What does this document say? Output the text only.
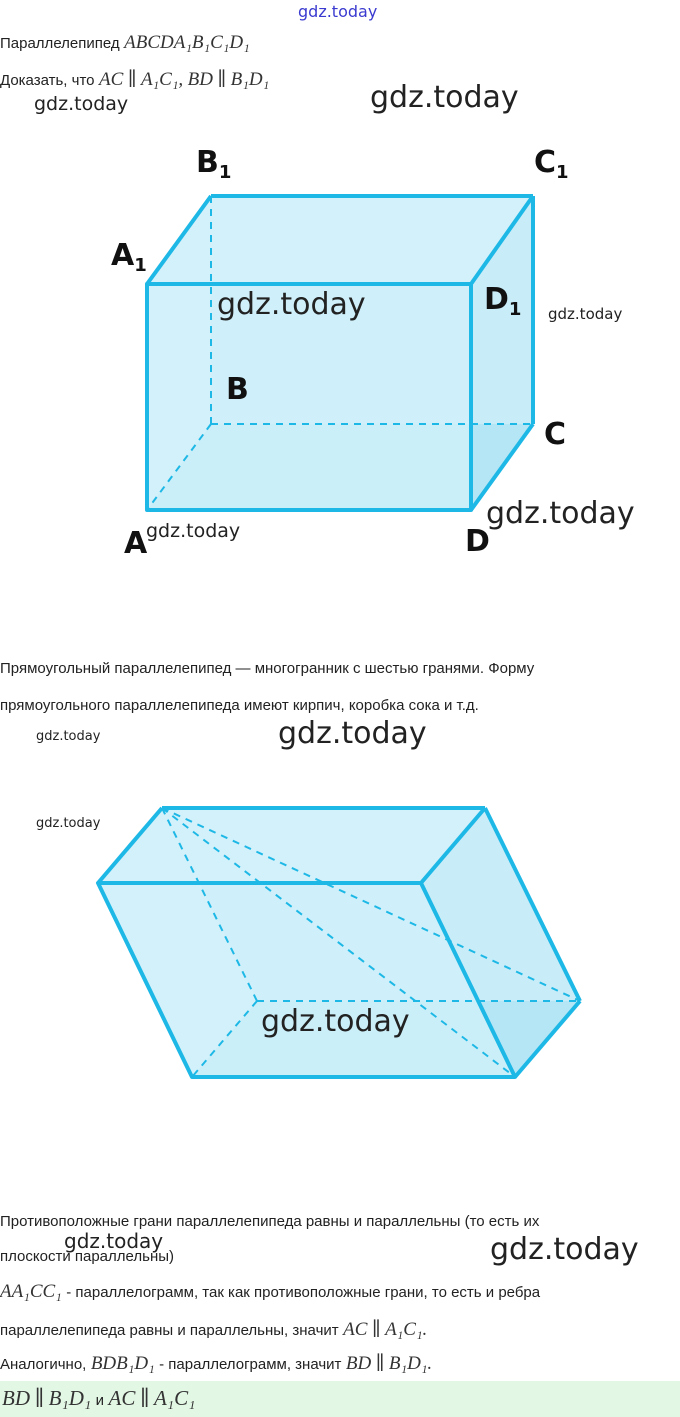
gdz.today
Параллелепипед ABCDA₁B₁C₁D₁
Доказать, что AC ∥ A₁C₁, BD ∥ B₁D₁
gdz.today	gdz.today
$B_1$	$C_1$
$A_1$
$D_1$
B
C
A	D
gdz.today	gdz.today
gdz.today	gdz.today
Прямоугольный параллелепипед — многогранник с шестью гранями. Форму
прямоугольного параллелепипеда имеют кирпич, коробка сока и т.д.
gdz.today	gdz.today
gdz.today
gdz.today
Противоположные грани параллелепипеда равны и параллельны (то есть их
плоскости параллельны)
gdz.today	gdz.today
AA₁CC₁ - параллелограмм, так как противоположные грани, то есть и ребра
параллелепипеда равны и параллельны, значит AC ∥ A₁C₁.
Аналогично, BDB₁D₁ - параллелограмм, значит BD ∥ B₁D₁.
BD ∥ B₁D₁ и AC ∥ A₁C₁
